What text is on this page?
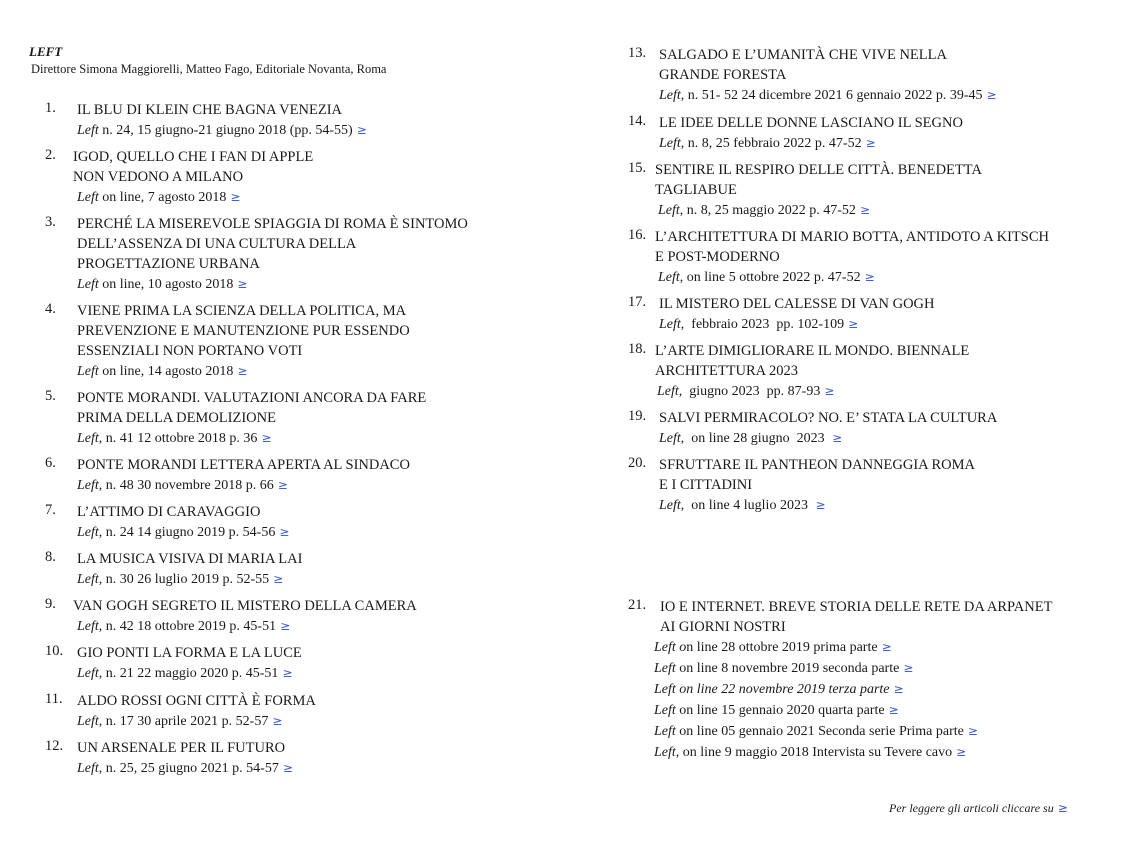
LEFT
Direttore Simona Maggiorelli, Matteo Fago, Editoriale Novanta, Roma
1. IL BLU DI KLEIN CHE BAGNA VENEZIA
Left n. 24, 15 giugno-21 giugno 2018 (pp. 54-55) ≥
2. IGOD, QUELLO CHE I FAN DI APPLE
NON VEDONO A MILANO
Left on line, 7 agosto 2018 ≥
3. PERCHÉ LA MISEREVOLE SPIAGGIA DI ROMA È SINTOMO
DELL’ASSENZA DI UNA CULTURA DELLA
PROGETTAZIONE URBANA
Left on line, 10 agosto 2018 ≥
4. VIENE PRIMA LA SCIENZA DELLA POLITICA, MA
PREVENZIONE E MANUTENZIONE PUR ESSENDO
ESSENZIALI NON PORTANO VOTI
Left on line, 14 agosto 2018 ≥
5. PONTE MORANDI. VALUTAZIONI ANCORA DA FARE
PRIMA DELLA DEMOLIZIONE
Left, n. 41 12 ottobre 2018 p. 36 ≥
6. PONTE MORANDI LETTERA APERTA AL SINDACO
Left, n. 48 30 novembre 2018 p. 66 ≥
7. L’ATTIMO DI CARAVAGGIO
Left, n. 24 14 giugno 2019 p. 54-56 ≥
8. LA MUSICA VISIVA DI MARIA LAI
Left, n. 30 26 luglio 2019 p. 52-55 ≥
9. VAN GOGH SEGRETO IL MISTERO DELLA CAMERA
Left, n. 42 18 ottobre 2019 p. 45-51 ≥
10. GIO PONTI LA FORMA E LA LUCE
Left, n. 21 22 maggio 2020 p. 45-51 ≥
11. ALDO ROSSI OGNI CITTÀ È FORMA
Left, n. 17 30 aprile 2021 p. 52-57 ≥
12. UN ARSENALE PER IL FUTURO
Left, n. 25, 25 giugno 2021 p. 54-57 ≥
13. SALGADO E L’UMANITÀ CHE VIVE NELLA
GRANDE FORESTA
Left, n. 51- 52 24 dicembre 2021 6 gennaio 2022 p. 39-45 ≥
14. LE IDEE DELLE DONNE LASCIANO IL SEGNO
Left, n. 8, 25 febbraio 2022 p. 47-52 ≥
15. SENTIRE IL RESPIRO DELLE CITTÀ. BENEDETTA
TAGLIABUE
Left, n. 8, 25 maggio 2022 p. 47-52 ≥
16. L’ARCHITETTURA DI MARIO BOTTA, ANTIDOTO A KITSCH
E POST-MODERNO
Left, on line 5 ottobre 2022 p. 47-52 ≥
17. IL MISTERO DEL CALESSE DI VAN GOGH
Left,  febbraio 2023  pp. 102-109 ≥
18. L’ARTE DIMIGLIORARE IL MONDO. BIENNALE
ARCHITETTURA 2023
Left,  giugno 2023  pp. 87-93 ≥
19. SALVI PERMIRACOLO? NO. E’ STATA LA CULTURA
Left,  on line 28 giugno  2023 ≥
20. SFRUTTARE IL PANTHEON DANNEGGIA ROMA
E I CITTADINI
Left,  on line 4 luglio 2023 ≥
21. IO E INTERNET. BREVE STORIA DELLE RETE DA ARPANET
AI GIORNI NOSTRI
Left on line 28 ottobre 2019 prima parte ≥
Left on line 8 novembre 2019 seconda parte ≥
Left on line 22 novembre 2019 terza parte ≥
Left on line 15 gennaio 2020 quarta parte ≥
Left on line 05 gennaio 2021 Seconda serie Prima parte ≥
Left, on line 9 maggio 2018 Intervista su Tevere cavo ≥
Per leggere gli articoli cliccare su ≥
